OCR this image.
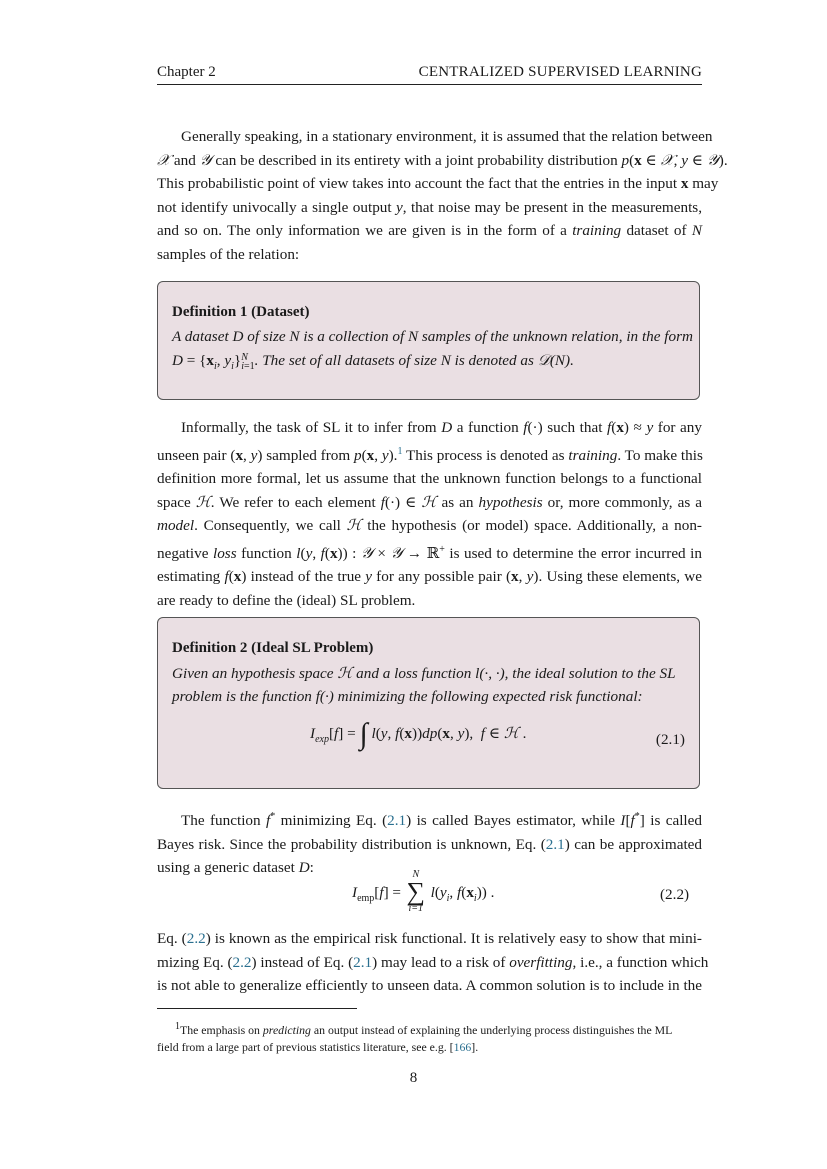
Chapter 2	CENTRALIZED SUPERVISED LEARNING
Generally speaking, in a stationary environment, it is assumed that the relation between
𝒳 and 𝒴 can be described in its entirety with a joint probability distribution p(x ∈ 𝒳, y ∈ 𝒴).
This probabilistic point of view takes into account the fact that the entries in the input x may
not identify univocally a single output y, that noise may be present in the measurements,
and so on. The only information we are given is in the form of a training dataset of N
samples of the relation:
Definition 1 (Dataset)
A dataset D of size N is a collection of N samples of the unknown relation, in the form
$D = \{x_i$, $y_i\}N$
i=1. The set of all datasets of size N is denoted as 𝒟(N).
Informally, the task of SL it to infer from D a function f(·) such that f(x) ≈ y for any
unseen pair (x, y) sampled from p(x, y).$^1$ This process is denoted as training. To make this
definition more formal, let us assume that the unknown function belongs to a functional
space ℋ. We refer to each element f(·) ∈ ℋ as an hypothesis or, more commonly, as a
model. Consequently, we call ℋ the hypothesis (or model) space. Additionally, a non-
negative loss function l(y, f(x)) : 𝒴 × 𝒴 → ℝ+ is used to determine the error incurred in
estimating f(x) instead of the true y for any possible pair (x, y). Using these elements, we
are ready to define the (ideal) SL problem.
Definition 2 (Ideal SL Problem)
Given an hypothesis space ℋ and a loss function l(·, ·), the ideal solution to the SL
problem is the function f(·) minimizing the following expected risk functional:
$I_{exp}[f]$ = ∫ l(y, f(x))dp(x, y),  f ∈ ℋ .	(2.1)
The function f* minimizing Eq. (2.1) is called Bayes estimator, while I[f*] is called
Bayes risk. Since the probability distribution is unknown, Eq. (2.1) can be approximated
using a generic dataset D:
$I_{emp}[f]$ =
N
∑
i=1
$l(y_i$, $f(x_i)$) .	(2.2)
Eq. (2.2) is known as the empirical risk functional. It is relatively easy to show that mini-
mizing Eq. (2.2) instead of Eq. (2.1) may lead to a risk of overfitting, i.e., a function which
is not able to generalize efficiently to unseen data. A common solution is to include in the
$^1$The emphasis on predicting an output instead of explaining the underlying process distinguishes the ML
field from a large part of previous statistics literature, see e.g. [166].
8
